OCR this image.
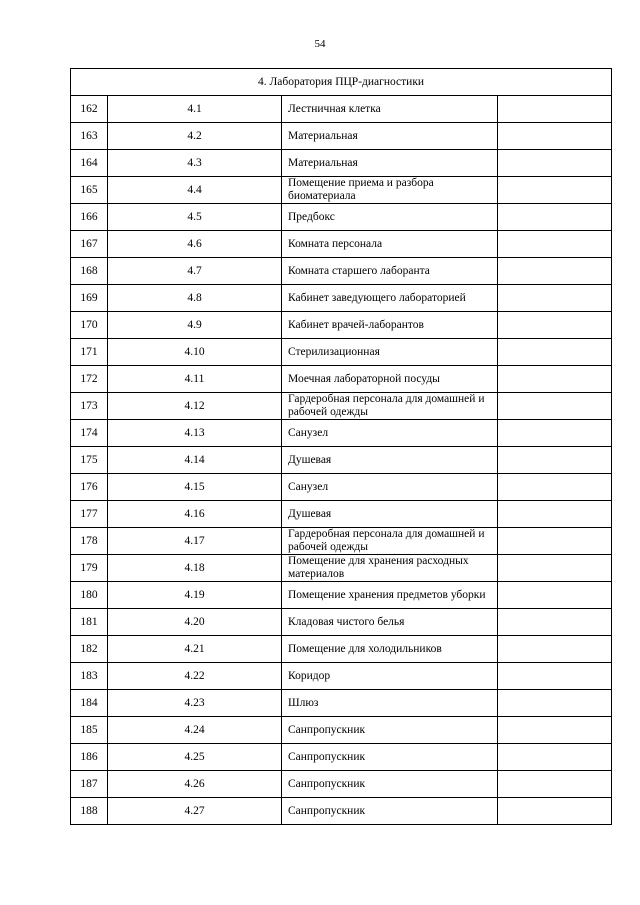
54
4. Лаборатория ПЦР-диагностики			
162	4.1	Лестничная клетка	
163	4.2	Материальная	
164	4.3	Материальная	
165	4.4	Помещение приема и разбора биоматериала	
166	4.5	Предбокс	
167	4.6	Комната персонала	
168	4.7	Комната старшего лаборанта	
169	4.8	Кабинет заведующего лабораторией	
170	4.9	Кабинет врачей-лаборантов	
171	4.10	Стерилизационная	
172	4.11	Моечная лабораторной посуды	
173	4.12	Гардеробная персонала для домашней и рабочей одежды	
174	4.13	Санузел	
175	4.14	Душевая	
176	4.15	Санузел	
177	4.16	Душевая	
178	4.17	Гардеробная персонала для домашней и рабочей одежды	
179	4.18	Помещение для хранения расходных материалов	
180	4.19	Помещение хранения предметов уборки	
181	4.20	Кладовая чистого белья	
182	4.21	Помещение для холодильников	
183	4.22	Коридор	
184	4.23	Шлюз	
185	4.24	Санпропускник	
186	4.25	Санпропускник	
187	4.26	Санпропускник	
188	4.27	Санпропускник	
